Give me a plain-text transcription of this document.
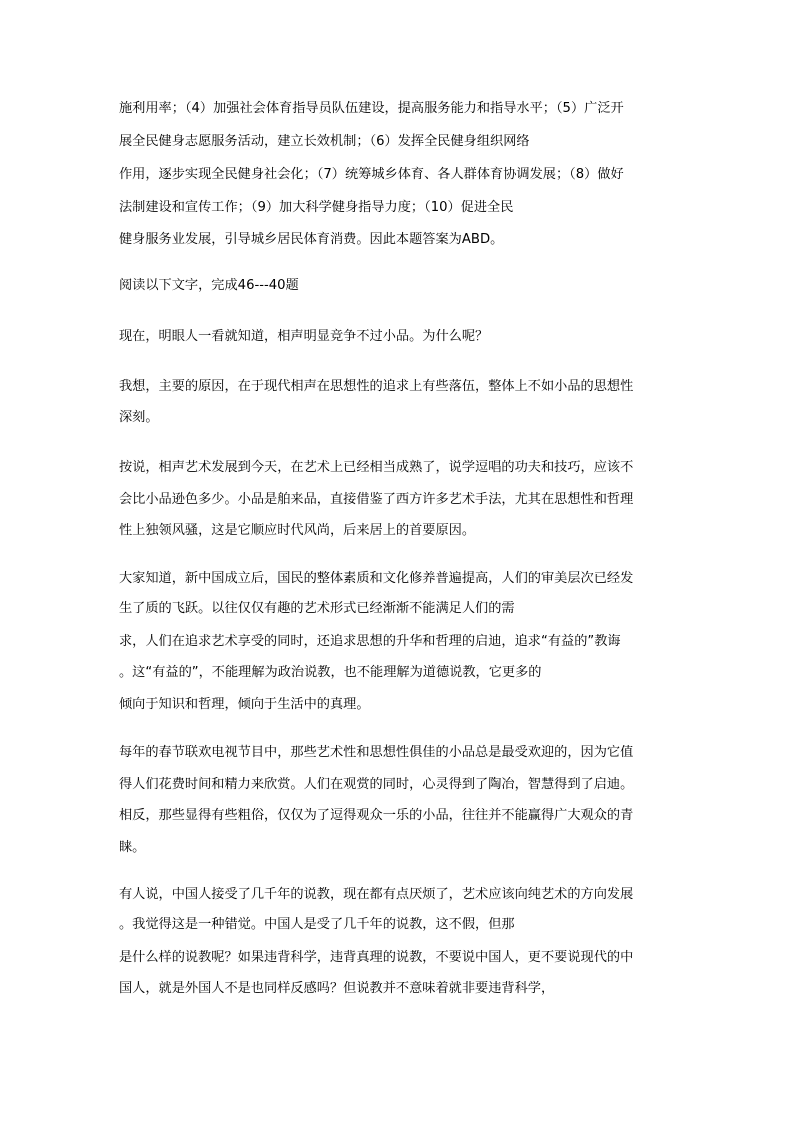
施利用率；（4）加强社会体育指导员队伍建设，提高服务能力和指导水平；（5）广泛开
展全民健身志愿服务活动，建立长效机制；（6）发挥全民健身组织网络
作用，逐步实现全民健身社会化；（7）统筹城乡体育、各人群体育协调发展；（8）做好
法制建设和宣传工作；（9）加大科学健身指导力度；（10）促进全民
健身服务业发展，引导城乡居民体育消费。因此本题答案为ABD。
阅读以下文字，完成46---40题
现在，明眼人一看就知道，相声明显竞争不过小品。为什么呢？
我想，主要的原因，在于现代相声在思想性的追求上有些落伍，整体上不如小品的思想性
深刻。
按说，相声艺术发展到今天，在艺术上已经相当成熟了，说学逗唱的功夫和技巧，应该不
会比小品逊色多少。小品是舶来品，直接借鉴了西方许多艺术手法，尤其在思想性和哲理
性上独领风骚，这是它顺应时代风尚，后来居上的首要原因。
大家知道，新中国成立后，国民的整体素质和文化修养普遍提高，人们的审美层次已经发
生了质的飞跃。以往仅仅有趣的艺术形式已经渐渐不能满足人们的需
求，人们在追求艺术享受的同时，还追求思想的升华和哲理的启迪，追求“有益的”教诲
。这“有益的”，不能理解为政治说教，也不能理解为道德说教，它更多的
倾向于知识和哲理，倾向于生活中的真理。
每年的春节联欢电视节目中，那些艺术性和思想性俱佳的小品总是最受欢迎的，因为它值
得人们花费时间和精力来欣赏。人们在观赏的同时，心灵得到了陶冶，智慧得到了启迪。
相反，那些显得有些粗俗，仅仅为了逗得观众一乐的小品，往往并不能赢得广大观众的青
睐。
有人说，中国人接受了几千年的说教，现在都有点厌烦了，艺术应该向纯艺术的方向发展
。我觉得这是一种错觉。中国人是受了几千年的说教，这不假，但那
是什么样的说教呢？如果违背科学，违背真理的说教，不要说中国人，更不要说现代的中
国人，就是外国人不是也同样反感吗？但说教并不意味着就非要违背科学，
